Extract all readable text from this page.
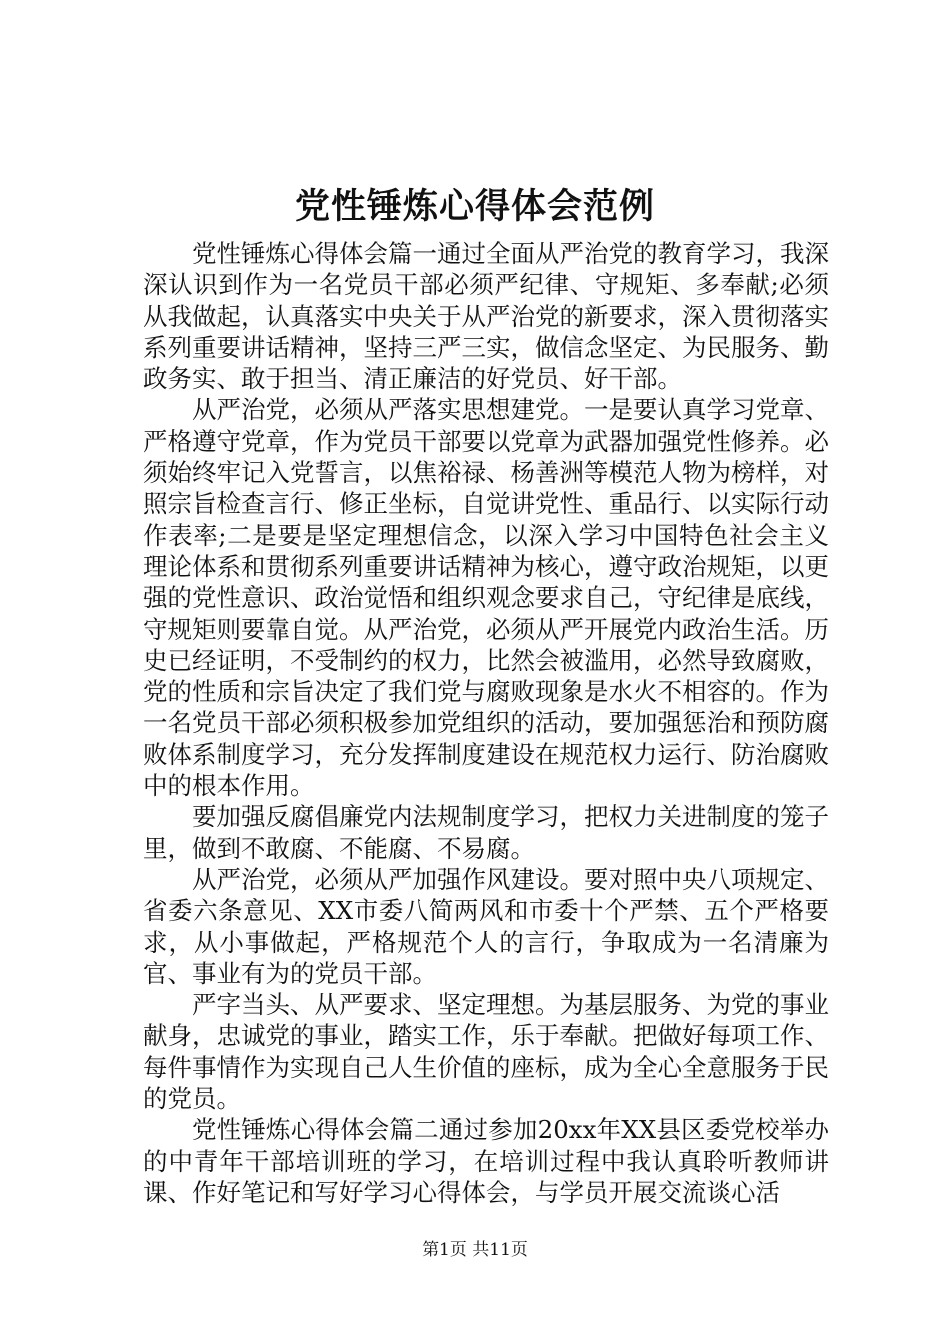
党性锤炼心得体会范例

党性锤炼心得体会篇一通过全面从严治党的教育学习，我深深认识到作为一名党员干部必须严纪律、守规矩、多奉献;必须从我做起，认真落实中央关于从严治党的新要求，深入贯彻落实系列重要讲话精神，坚持三严三实，做信念坚定、为民服务、勤政务实、敢于担当、清正廉洁的好党员、好干部。

从严治党，必须从严落实思想建党。一是要认真学习党章、严格遵守党章，作为党员干部要以党章为武器加强党性修养。必须始终牢记入党誓言，以焦裕禄、杨善洲等模范人物为榜样，对照宗旨检查言行、修正坐标，自觉讲党性、重品行、以实际行动作表率;二是要是坚定理想信念，以深入学习中国特色社会主义理论体系和贯彻系列重要讲话精神为核心，遵守政治规矩，以更强的党性意识、政治觉悟和组织观念要求自己，守纪律是底线，守规矩则要靠自觉。从严治党，必须从严开展党内政治生活。历史已经证明，不受制约的权力，比然会被滥用，必然导致腐败，党的性质和宗旨决定了我们党与腐败现象是水火不相容的。作为一名党员干部必须积极参加党组织的活动，要加强惩治和预防腐败体系制度学习，充分发挥制度建设在规范权力运行、防治腐败中的根本作用。

要加强反腐倡廉党内法规制度学习，把权力关进制度的笼子里，做到不敢腐、不能腐、不易腐。

从严治党，必须从严加强作风建设。要对照中央八项规定、省委六条意见、XX市委八简两风和市委十个严禁、五个严格要求，从小事做起，严格规范个人的言行，争取成为一名清廉为官、事业有为的党员干部。

严字当头、从严要求、坚定理想。为基层服务、为党的事业献身，忠诚党的事业，踏实工作，乐于奉献。把做好每项工作、每件事情作为实现自己人生价值的座标，成为全心全意服务于民的党员。

党性锤炼心得体会篇二通过参加20xx年XX县区委党校举办的中青年干部培训班的学习，在培训过程中我认真聆听教师讲课、作好笔记和写好学习心得体会，与学员开展交流谈心活

第1页 共11页
